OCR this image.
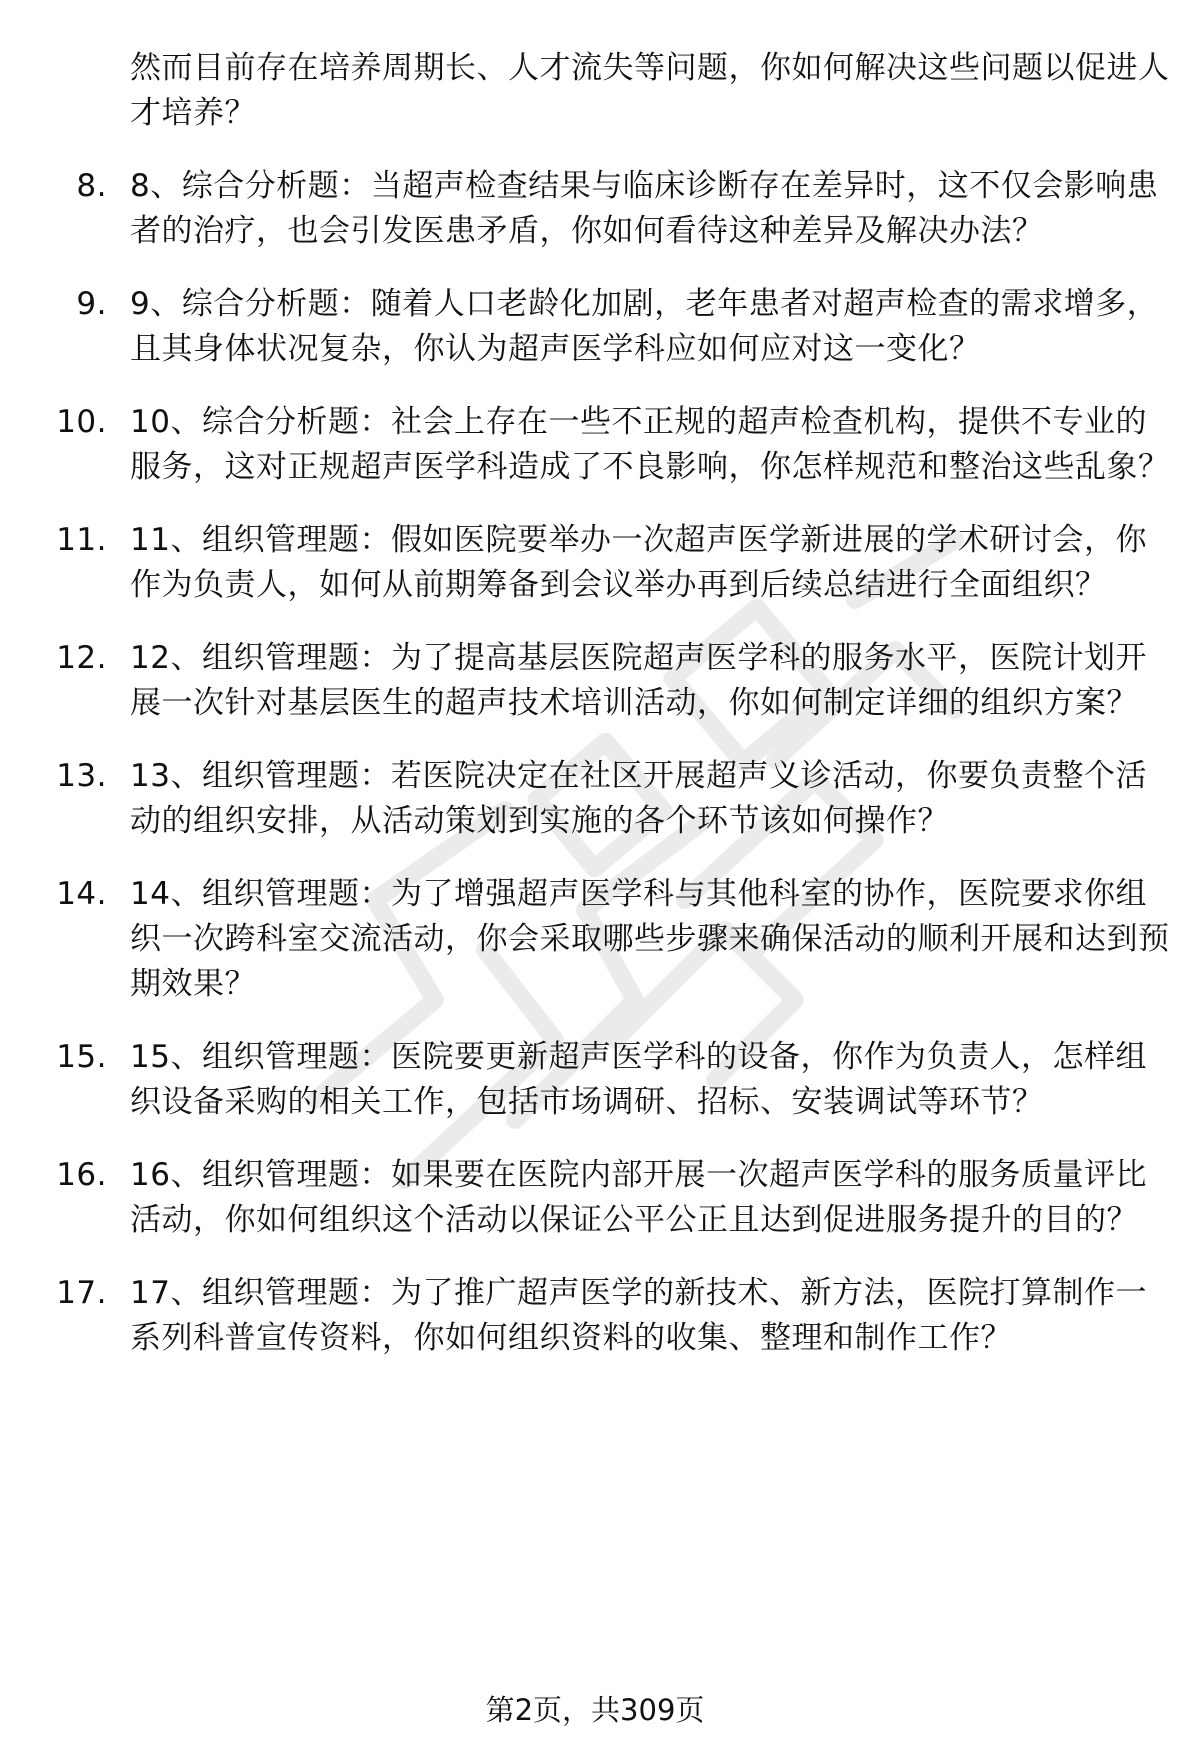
然而目前存在培养周期长、人才流失等问题，你如何解决这些问题以促进人才培养？
8. 8、综合分析题：当超声检查结果与临床诊断存在差异时，这不仅会影响患者的治疗，也会引发医患矛盾，你如何看待这种差异及解决办法？
9. 9、综合分析题：随着人口老龄化加剧，老年患者对超声检查的需求增多，且其身体状况复杂，你认为超声医学科应如何应对这一变化？
10. 10、综合分析题：社会上存在一些不正规的超声检查机构，提供不专业的服务，这对正规超声医学科造成了不良影响，你怎样规范和整治这些乱象？
11. 11、组织管理题：假如医院要举办一次超声医学新进展的学术研讨会，你作为负责人，如何从前期筹备到会议举办再到后续总结进行全面组织？
12. 12、组织管理题：为了提高基层医院超声医学科的服务水平，医院计划开展一次针对基层医生的超声技术培训活动，你如何制定详细的组织方案？
13. 13、组织管理题：若医院决定在社区开展超声义诊活动，你要负责整个活动的组织安排，从活动策划到实施的各个环节该如何操作？
14. 14、组织管理题：为了增强超声医学科与其他科室的协作，医院要求你组织一次跨科室交流活动，你会采取哪些步骤来确保活动的顺利开展和达到预期效果？
15. 15、组织管理题：医院要更新超声医学科的设备，你作为负责人，怎样组织设备采购的相关工作，包括市场调研、招标、安装调试等环节？
16. 16、组织管理题：如果要在医院内部开展一次超声医学科的服务质量评比活动，你如何组织这个活动以保证公平公正且达到促进服务提升的目的？
17. 17、组织管理题：为了推广超声医学的新技术、新方法，医院打算制作一系列科普宣传资料，你如何组织资料的收集、整理和制作工作？
第2页，共309页
